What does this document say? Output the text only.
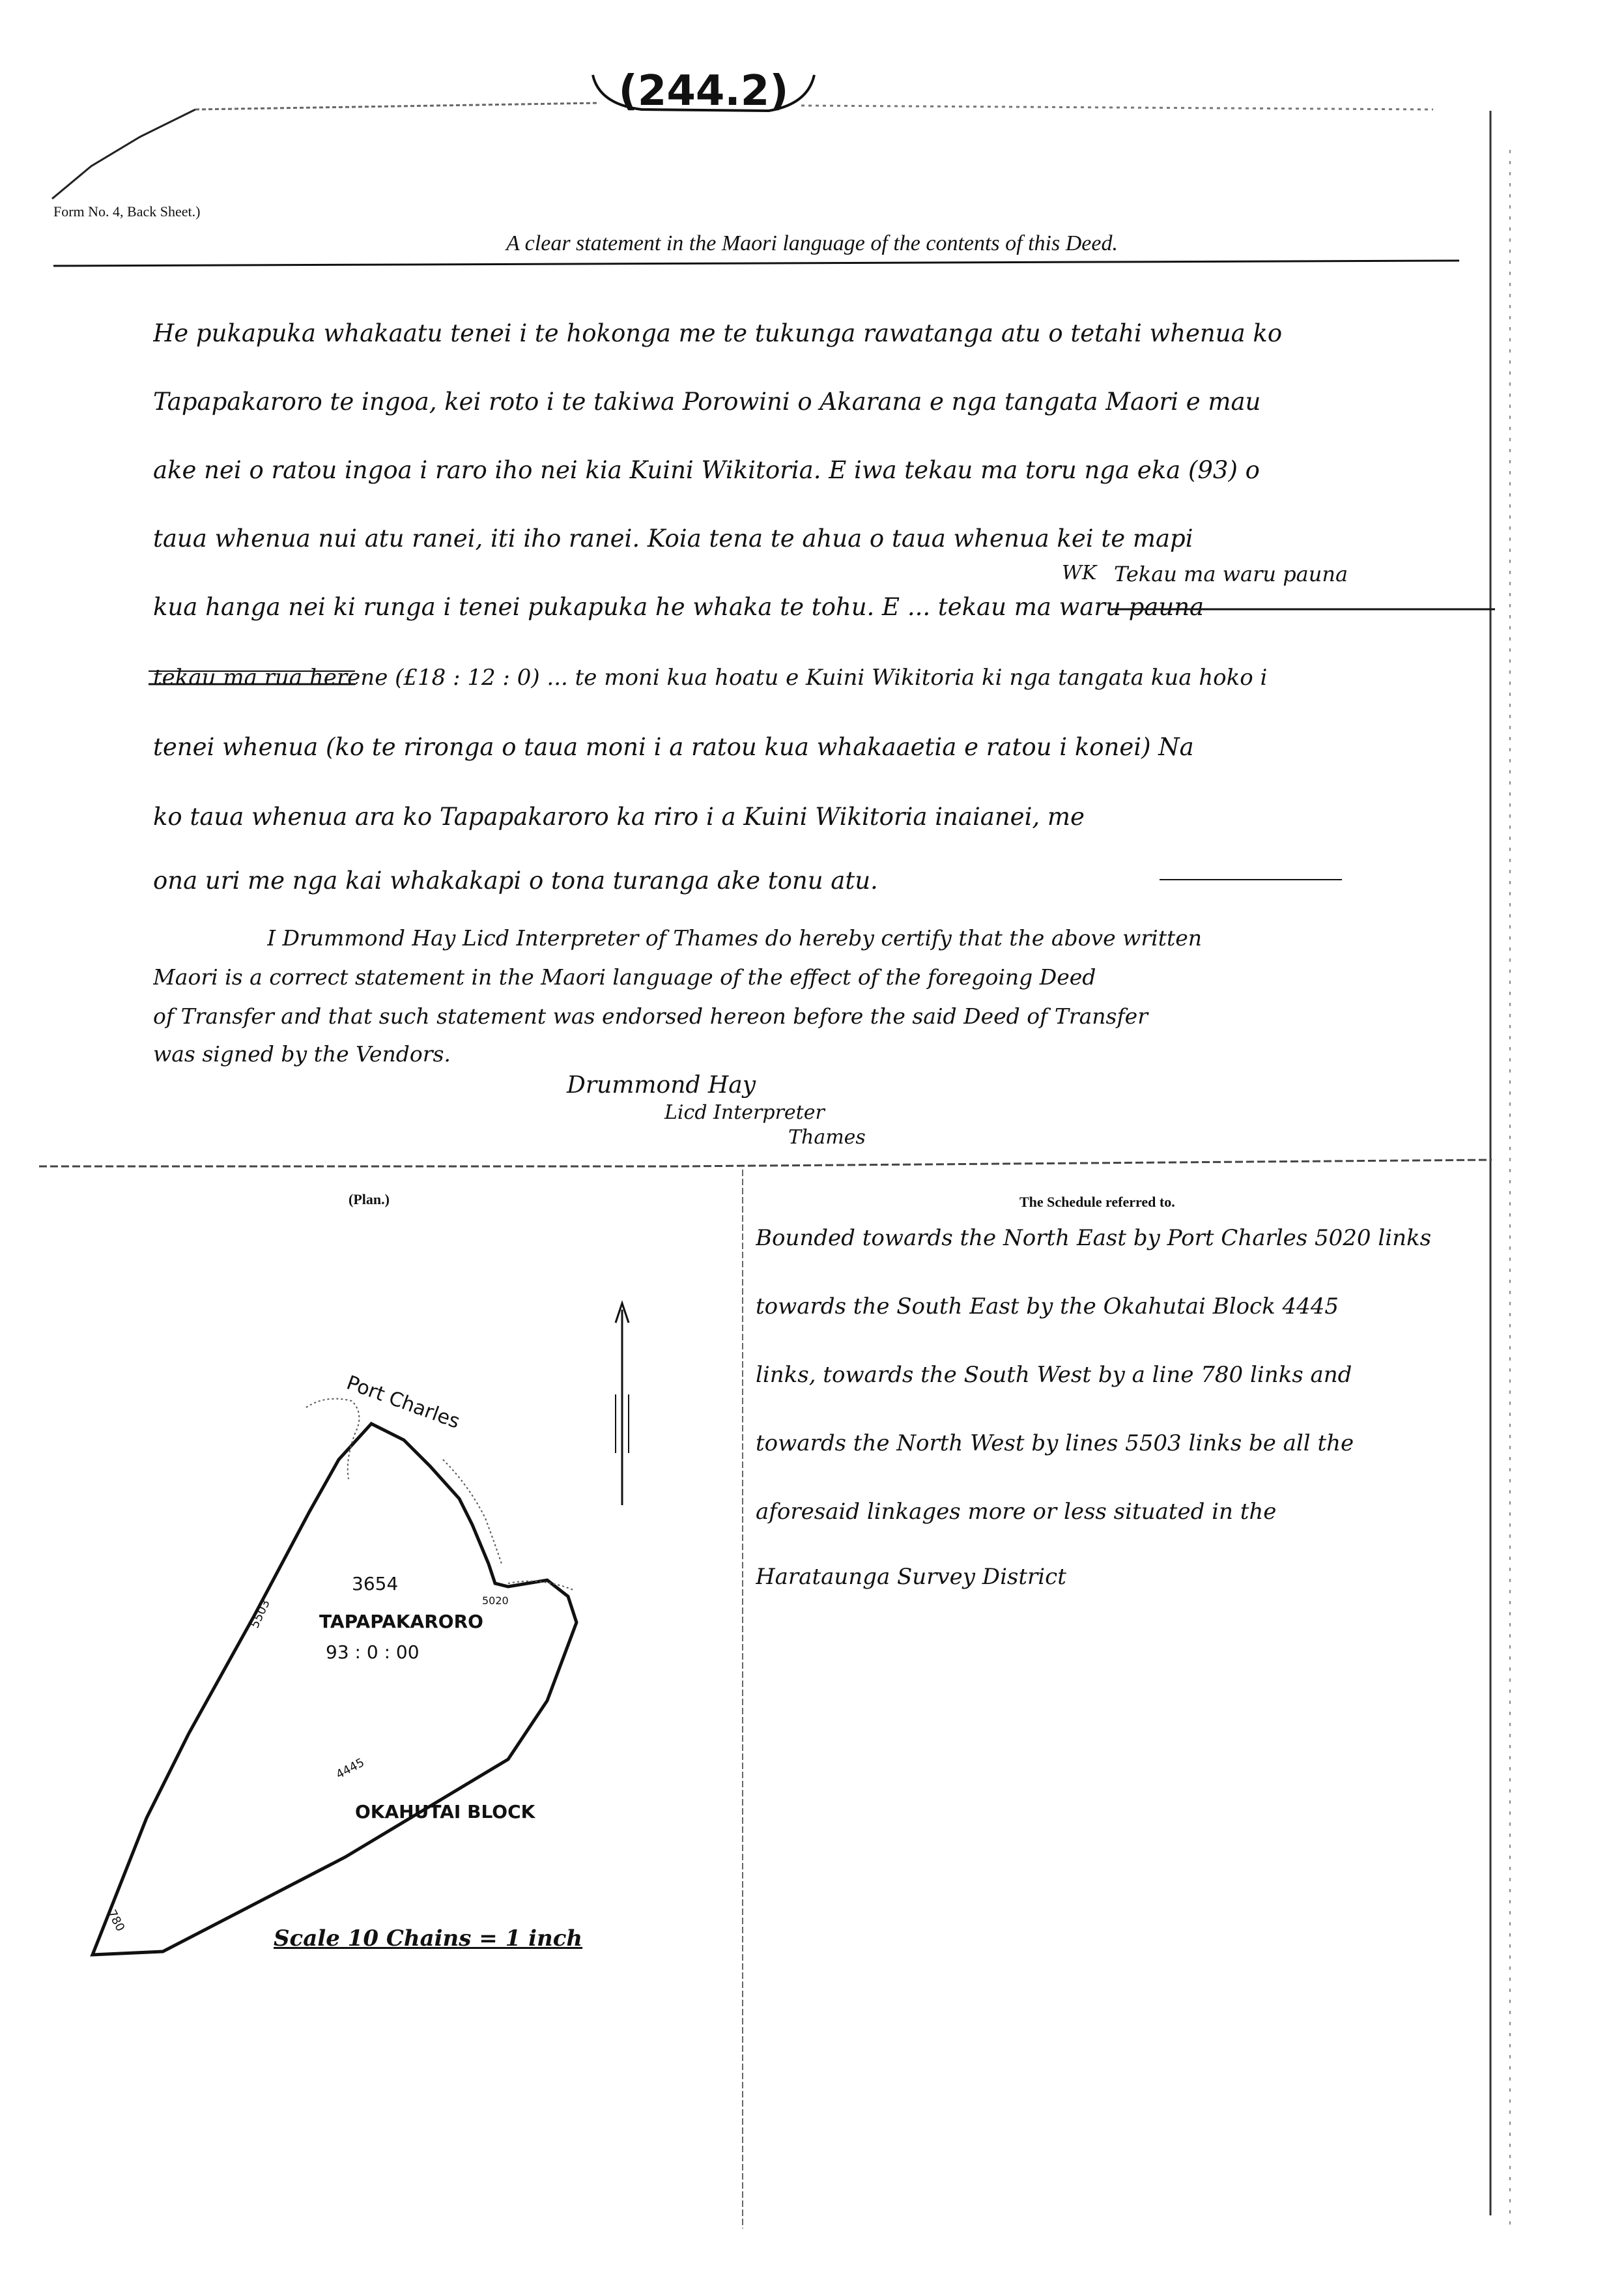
Port Charles
3654
TAPAPAKARORO
93 : 0 : 00
OKAHUTAI BLOCK
5020
4445
780
5503
(244.2)
Form No. 4, Back Sheet.)
A clear statement in the Maori language of the contents of this Deed.
He pukapuka whakaatu tenei i te hokonga me te tukunga rawatanga atu o tetahi whenua ko
Tapapakaroro te ingoa, kei roto i te takiwa Porowini o Akarana e nga tangata Maori e mau
ake nei o ratou ingoa i raro iho nei kia Kuini Wikitoria. E iwa tekau ma toru nga eka (93) o
taua whenua nui atu ranei, iti iho ranei. Koia tena te ahua o taua whenua kei te mapi
WK Tekau ma waru pauna
kua hanga nei ki runga i tenei pukapuka he whaka te tohu. E ... tekau ma waru pauna
tekau ma rua herene (£18 : 12 : 0) ... te moni kua hoatu e Kuini Wikitoria ki nga tangata kua hoko i
tenei whenua (ko te rironga o taua moni i a ratou kua whakaaetia e ratou i konei) Na
ko taua whenua ara ko Tapapakaroro ka riro i a Kuini Wikitoria inaianei, me
ona uri me nga kai whakakapi o tona turanga ake tonu atu.
I Drummond Hay Licd Interpreter of Thames do hereby certify that the above written
Maori is a correct statement in the Maori language of the effect of the foregoing Deed
of Transfer and that such statement was endorsed hereon before the said Deed of Transfer
was signed by the Vendors.
Drummond Hay
Licd Interpreter
Thames
(Plan.)
Scale 10 Chains = 1 inch
The Schedule referred to.
Bounded towards the North East by Port Charles 5020 links
towards the South East by the Okahutai Block 4445
links, towards the South West by a line 780 links and
towards the North West by lines 5503 links be all the
aforesaid linkages more or less situated in the
Harataunga Survey District
